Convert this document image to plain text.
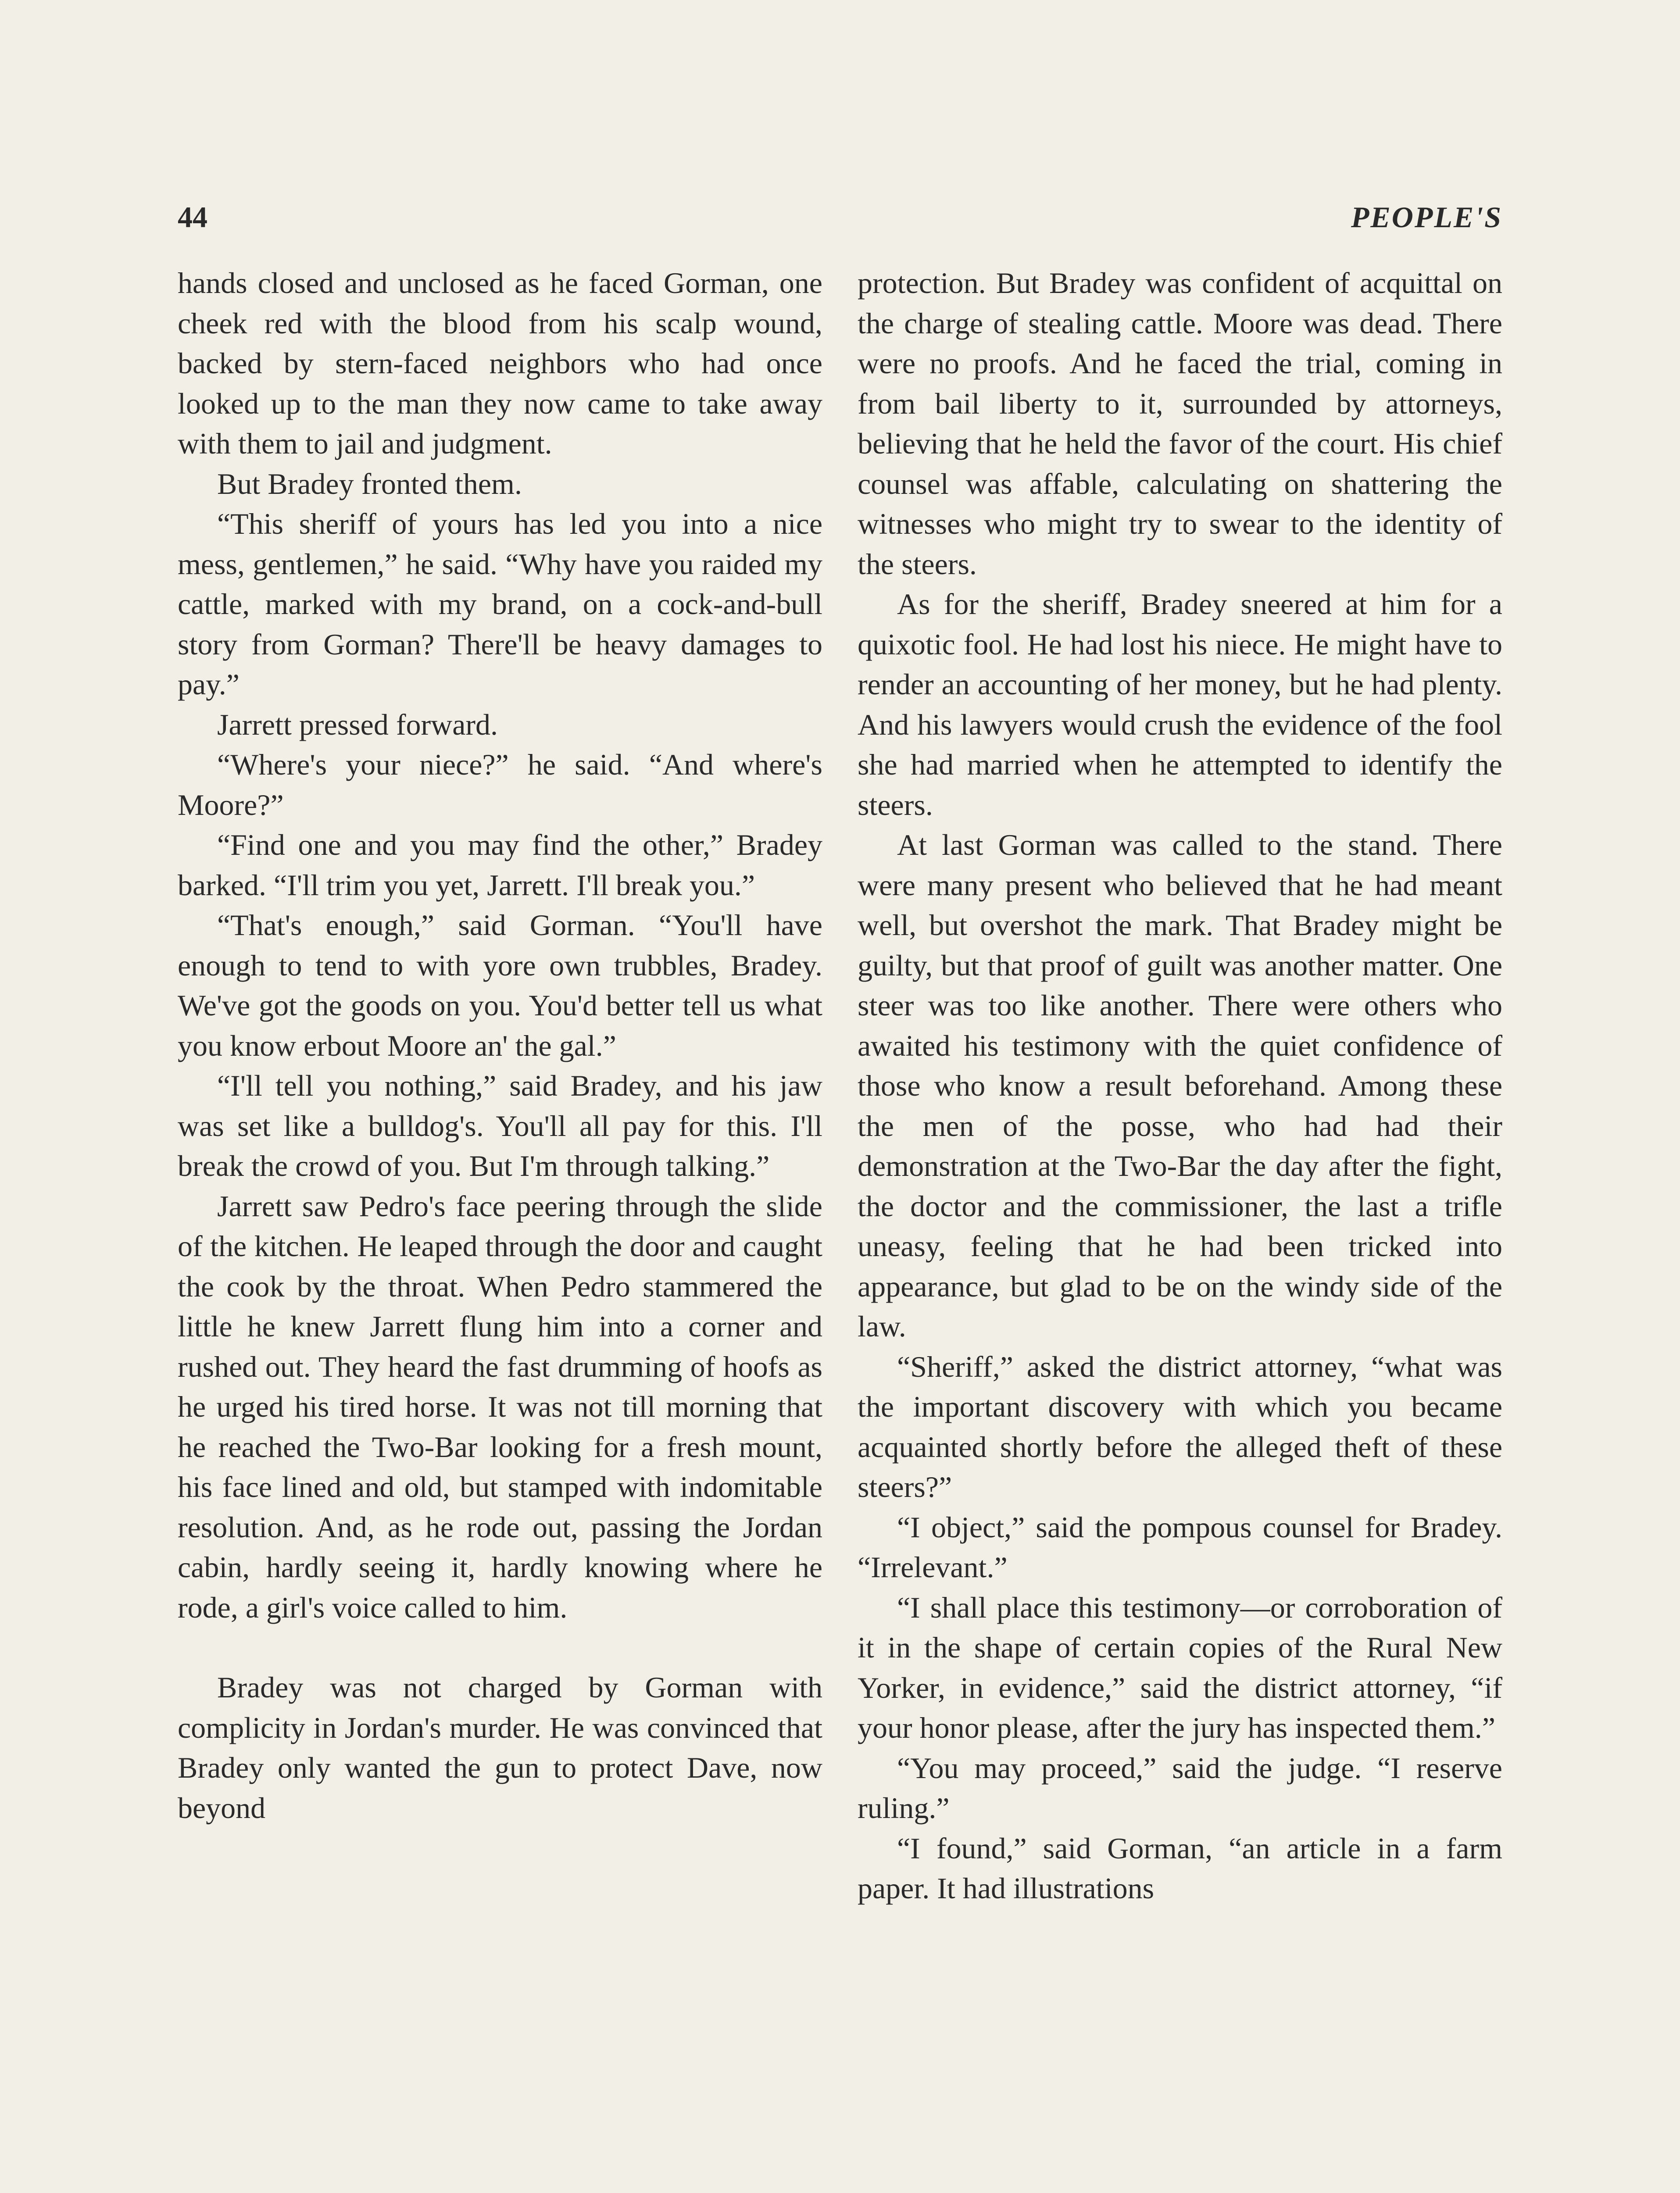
44	PEOPLE'S

hands closed and unclosed as he faced Gorman, one cheek red with the blood from his scalp wound, backed by stern-faced neighbors who had once looked up to the man they now came to take away with them to jail and judgment.

But Bradey fronted them.

“This sheriff of yours has led you into a nice mess, gentlemen,” he said. “Why have you raided my cattle, marked with my brand, on a cock-and-bull story from Gorman? There'll be heavy damages to pay.”

Jarrett pressed forward.

“Where's your niece?” he said. “And where's Moore?”

“Find one and you may find the other,” Bradey barked. “I'll trim you yet, Jarrett. I'll break you.”

“That's enough,” said Gorman. “You'll have enough to tend to with yore own trubbles, Bradey. We've got the goods on you. You'd better tell us what you know erbout Moore an' the gal.”

“I'll tell you nothing,” said Bradey, and his jaw was set like a bulldog's. You'll all pay for this. I'll break the crowd of you. But I'm through talking.”

Jarrett saw Pedro's face peering through the slide of the kitchen. He leaped through the door and caught the cook by the throat. When Pedro stammered the little he knew Jarrett flung him into a corner and rushed out. They heard the fast drumming of hoofs as he urged his tired horse. It was not till morning that he reached the Two-Bar looking for a fresh mount, his face lined and old, but stamped with indomitable resolution. And, as he rode out, passing the Jordan cabin, hardly seeing it, hardly knowing where he rode, a girl's voice called to him.

Bradey was not charged by Gorman with complicity in Jordan's murder. He was convinced that Bradey only wanted the gun to protect Dave, now beyond

protection. But Bradey was confident of acquittal on the charge of stealing cattle. Moore was dead. There were no proofs. And he faced the trial, coming in from bail liberty to it, surrounded by attorneys, believing that he held the favor of the court. His chief counsel was affable, calculating on shattering the witnesses who might try to swear to the identity of the steers.

As for the sheriff, Bradey sneered at him for a quixotic fool. He had lost his niece. He might have to render an accounting of her money, but he had plenty. And his lawyers would crush the evidence of the fool she had married when he attempted to identify the steers.

At last Gorman was called to the stand. There were many present who believed that he had meant well, but overshot the mark. That Bradey might be guilty, but that proof of guilt was another matter. One steer was too like another. There were others who awaited his testimony with the quiet confidence of those who know a result beforehand. Among these the men of the posse, who had had their demonstration at the Two-Bar the day after the fight, the doctor and the commissioner, the last a trifle uneasy, feeling that he had been tricked into appearance, but glad to be on the windy side of the law.

“Sheriff,” asked the district attorney, “what was the important discovery with which you became acquainted shortly before the alleged theft of these steers?”

“I object,” said the pompous counsel for Bradey. “Irrelevant.”

“I shall place this testimony—or corroboration of it in the shape of certain copies of the Rural New Yorker, in evidence,” said the district attorney, “if your honor please, after the jury has inspected them.”

“You may proceed,” said the judge. “I reserve ruling.”

“I found,” said Gorman, “an article in a farm paper. It had illustrations
